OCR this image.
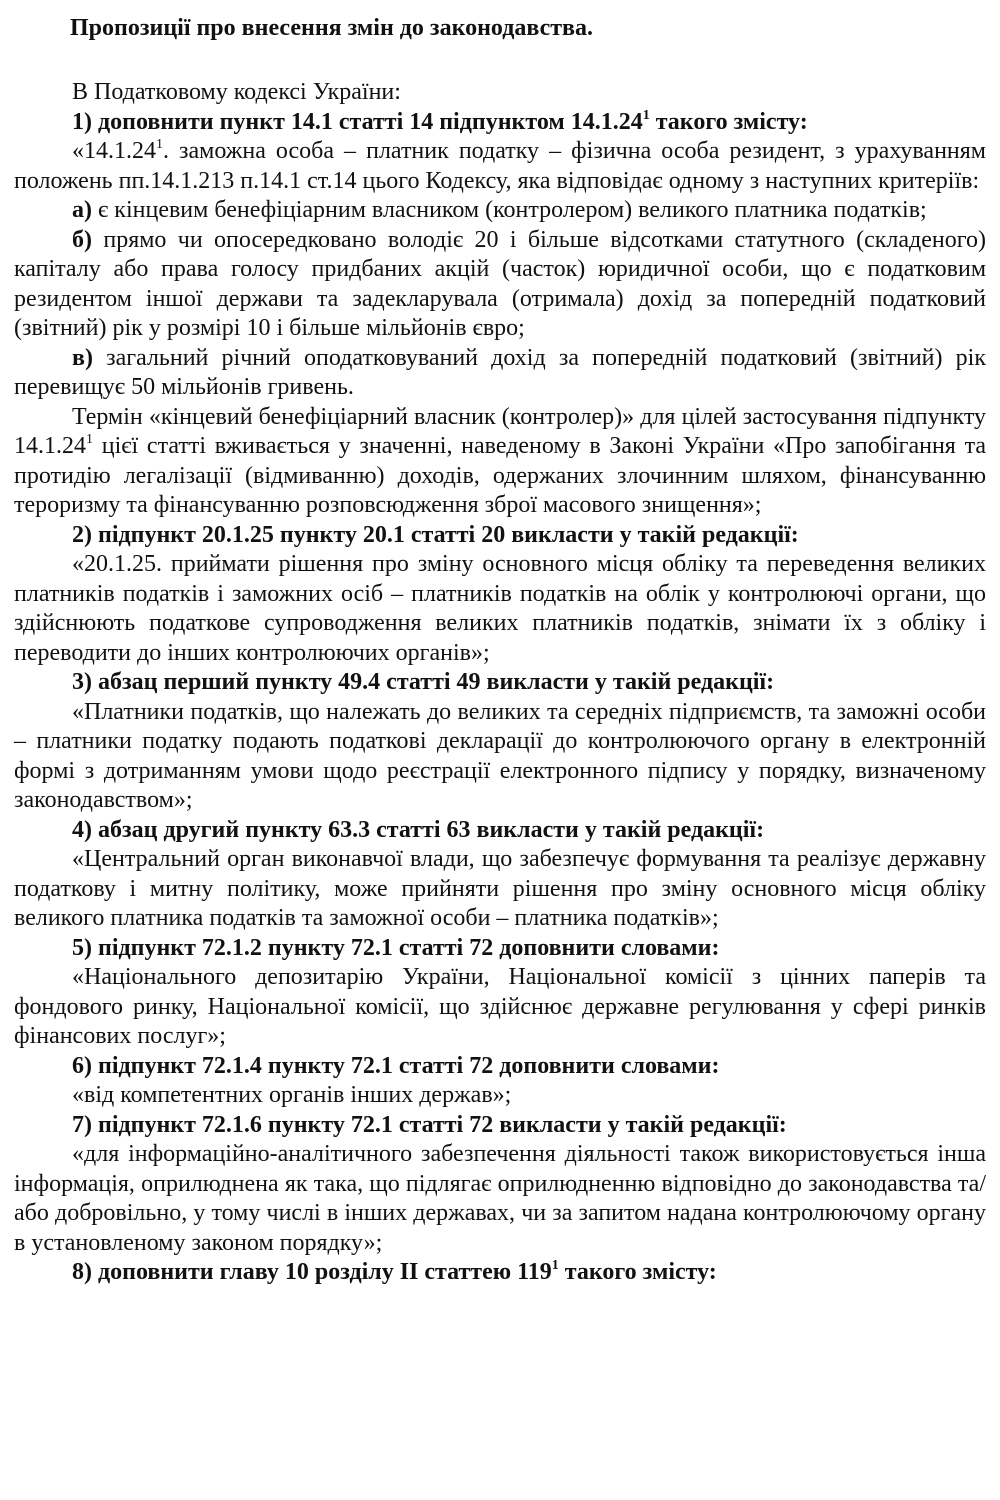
Пропозиції про внесення змін до законодавства.

В Податковому кодексі України:

1) доповнити пункт 14.1 статті 14 підпунктом 14.1.24$^1$ такого змісту:

«14.1.24$^1$. заможна особа – платник податку – фізична особа резидент, з урахуванням положень пп.14.1.213 п.14.1 ст.14 цього Кодексу, яка відповідає одному з наступних критеріїв:

а) є кінцевим бенефіціарним власником (контролером) великого платника податків;

б) прямо чи опосередковано володіє 20 і більше відсотками статутного (складеного) капіталу або права голосу придбаних акцій (часток) юридичної особи, що є податковим резидентом іншої держави та задекларувала (отримала) дохід за попередній податковий (звітний) рік у розмірі 10 і більше мільйонів євро;

в) загальний річний оподатковуваний дохід за попередній податковий (звітний) рік перевищує 50 мільйонів гривень.

Термін «кінцевий бенефіціарний власник (контролер)» для цілей застосування підпункту 14.1.24$^1$ цієї статті вживається у значенні, наведеному в Законі України «Про запобігання та протидію легалізації (відмиванню) доходів, одержаних злочинним шляхом, фінансуванню тероризму та фінансуванню розповсюдження зброї масового знищення»;

2) підпункт 20.1.25 пункту 20.1 статті 20 викласти у такій редакції:

«20.1.25. приймати рішення про зміну основного місця обліку та переведення великих платників податків і заможних осіб – платників податків на облік у контролюючі органи, що здійснюють податкове супроводження великих платників податків, знімати їх з обліку і переводити до інших контролюючих органів»;

3) абзац перший пункту 49.4 статті 49 викласти у такій редакції:

«Платники податків, що належать до великих та середніх підприємств, та заможні особи – платники податку подають податкові декларації до контролюючого органу в електронній формі з дотриманням умови щодо реєстрації електронного підпису у порядку, визначеному законодавством»;

4) абзац другий пункту 63.3 статті 63 викласти у такій редакції:

«Центральний орган виконавчої влади, що забезпечує формування та реалізує державну податкову і митну політику, може прийняти рішення про зміну основного місця обліку великого платника податків та заможної особи – платника податків»;

5) підпункт 72.1.2 пункту 72.1 статті 72 доповнити словами:

«Національного депозитарію України, Національної комісії з цінних паперів та фондового ринку, Національної комісії, що здійснює державне регулювання у сфері ринків фінансових послуг»;

6) підпункт 72.1.4 пункту 72.1 статті 72 доповнити словами:

«від компетентних органів інших держав»;

7) підпункт 72.1.6 пункту 72.1 статті 72 викласти у такій редакції:

«для інформаційно-аналітичного забезпечення діяльності також використовується інша інформація, оприлюднена як така, що підлягає оприлюдненню відповідно до законодавства та/або добровільно, у тому числі в інших державах, чи за запитом надана контролюючому органу в установленому законом порядку»;

8) доповнити главу 10 розділу ІІ статтею $119^1$ такого змісту:
